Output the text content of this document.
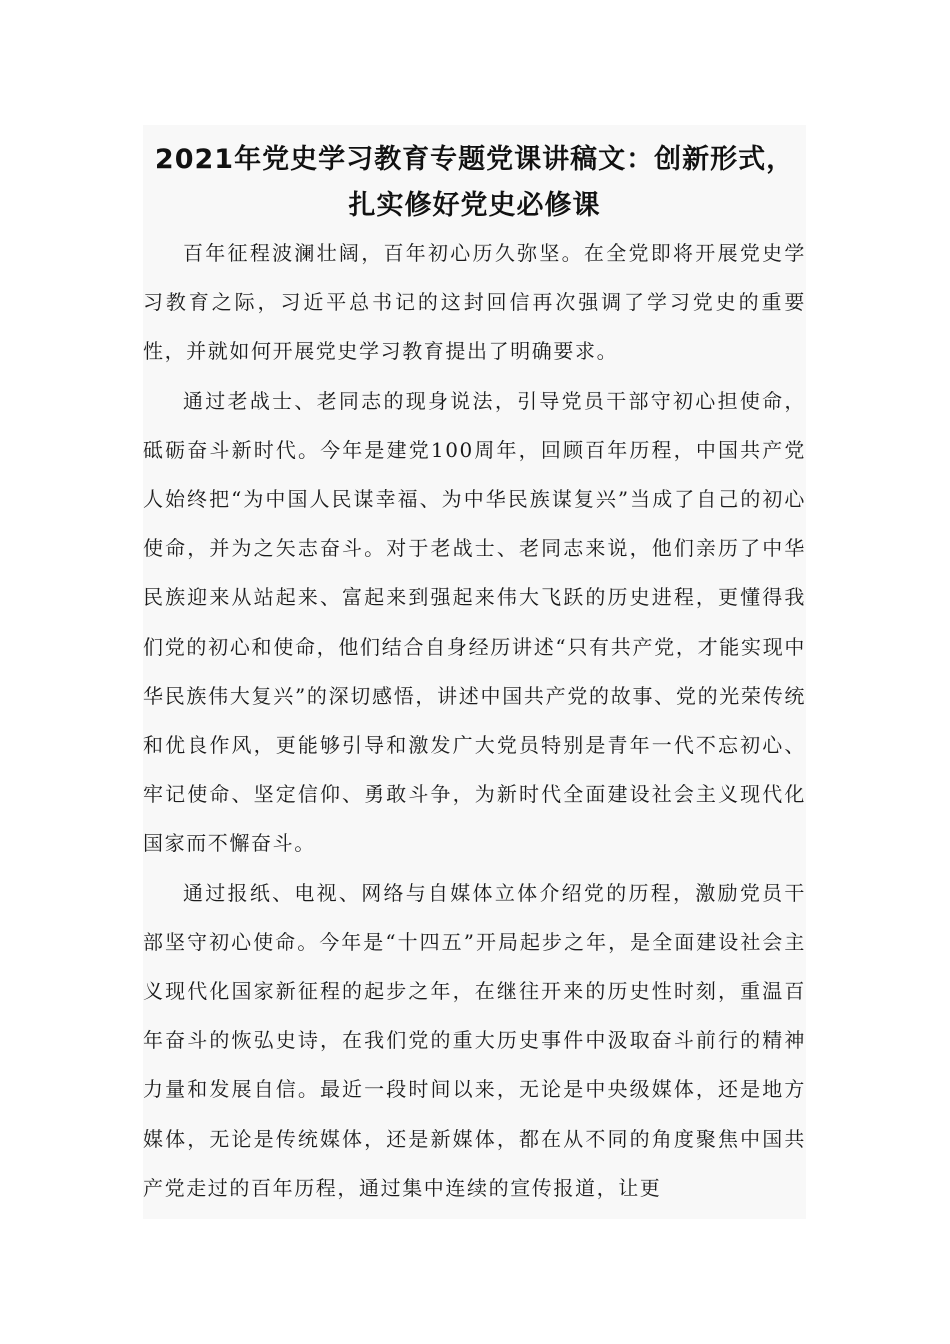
2021年党史学习教育专题党课讲稿文：创新形式，
扎实修好党史必修课

百年征程波澜壮阔，百年初心历久弥坚。在全党即将开展党史学习教育之际，习近平总书记的这封回信再次强调了学习党史的重要性，并就如何开展党史学习教育提出了明确要求。

通过老战士、老同志的现身说法，引导党员干部守初心担使命，砥砺奋斗新时代。今年是建党100周年，回顾百年历程，中国共产党人始终把“为中国人民谋幸福、为中华民族谋复兴”当成了自己的初心使命，并为之矢志奋斗。对于老战士、老同志来说，他们亲历了中华民族迎来从站起来、富起来到强起来伟大飞跃的历史进程，更懂得我们党的初心和使命，他们结合自身经历讲述“只有共产党，才能实现中华民族伟大复兴”的深切感悟，讲述中国共产党的故事、党的光荣传统和优良作风，更能够引导和激发广大党员特别是青年一代不忘初心、牢记使命、坚定信仰、勇敢斗争，为新时代全面建设社会主义现代化国家而不懈奋斗。

通过报纸、电视、网络与自媒体立体介绍党的历程，激励党员干部坚守初心使命。今年是“十四五”开局起步之年，是全面建设社会主义现代化国家新征程的起步之年，在继往开来的历史性时刻，重温百年奋斗的恢弘史诗，在我们党的重大历史事件中汲取奋斗前行的精神力量和发展自信。最近一段时间以来，无论是中央级媒体，还是地方媒体，无论是传统媒体，还是新媒体，都在从不同的角度聚焦中国共产党走过的百年历程，通过集中连续的宣传报道，让更
